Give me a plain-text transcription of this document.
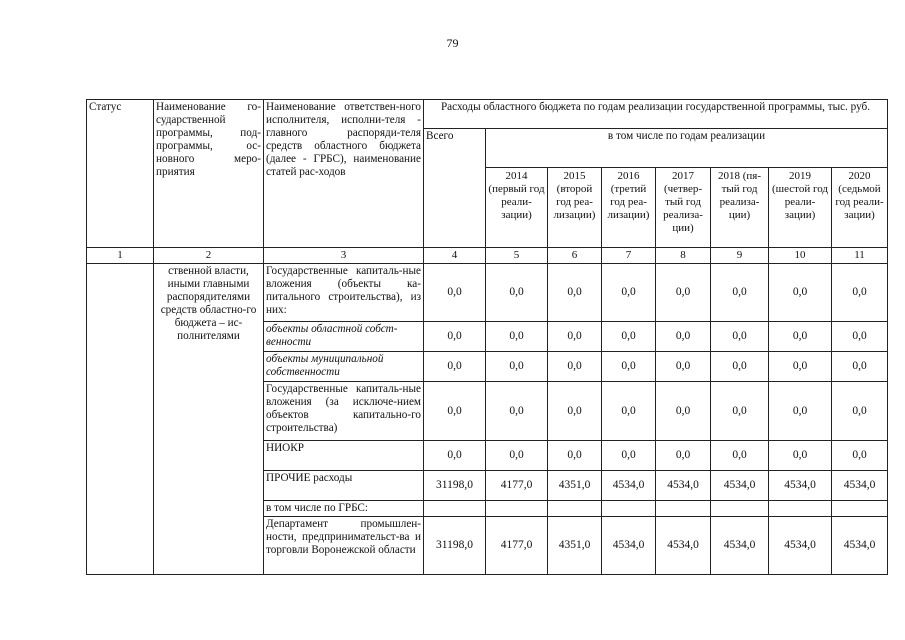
79
Статус	Наименование го-сударственной программы, под-программы, ос-новного меро-приятия	Наименование ответствен-ного исполнителя, исполни-теля - главного распоряди-теля средств областного бюджета (далее - ГРБС), наименование статей рас-ходов	Расходы областного бюджета по годам реализации государственной программы, тыс. руб.							
			Всего	в том числе по годам реализации						
				2014 (первый год реали-зации)	2015 (второй год реа-лизации)	2016 (третий год реа-лизации)	2017 (четвер-тый год реализа-ции)	2018 (пя-тый год реализа-ции)	2019 (шестой год реали-зации)	2020 (седьмой год реали-зации)
1	2	3	4	5	6	7	8	9	10	11
	ственной власти, иными главными распорядителями средств областно-го бюджета – ис-полнителями	Государственные капиталь-ные вложения (объекты ка-питального строительства), из них:	0,0	0,0	0,0	0,0	0,0	0,0	0,0	0,0
		объекты областной собст-венности	0,0	0,0	0,0	0,0	0,0	0,0	0,0	0,0
		объекты муниципальной собственности	0,0	0,0	0,0	0,0	0,0	0,0	0,0	0,0
		Государственные капиталь-ные вложения (за исключе-нием объектов капитально-го строительства)	0,0	0,0	0,0	0,0	0,0	0,0	0,0	0,0
		НИОКР	0,0	0,0	0,0	0,0	0,0	0,0	0,0	0,0
		ПРОЧИЕ расходы	31198,0	4177,0	4351,0	4534,0	4534,0	4534,0	4534,0	4534,0
		в том числе по ГРБС:								
		Департамент промышлен-ности, предпринимательст-ва и торговли Воронежской области	31198,0	4177,0	4351,0	4534,0	4534,0	4534,0	4534,0	4534,0
